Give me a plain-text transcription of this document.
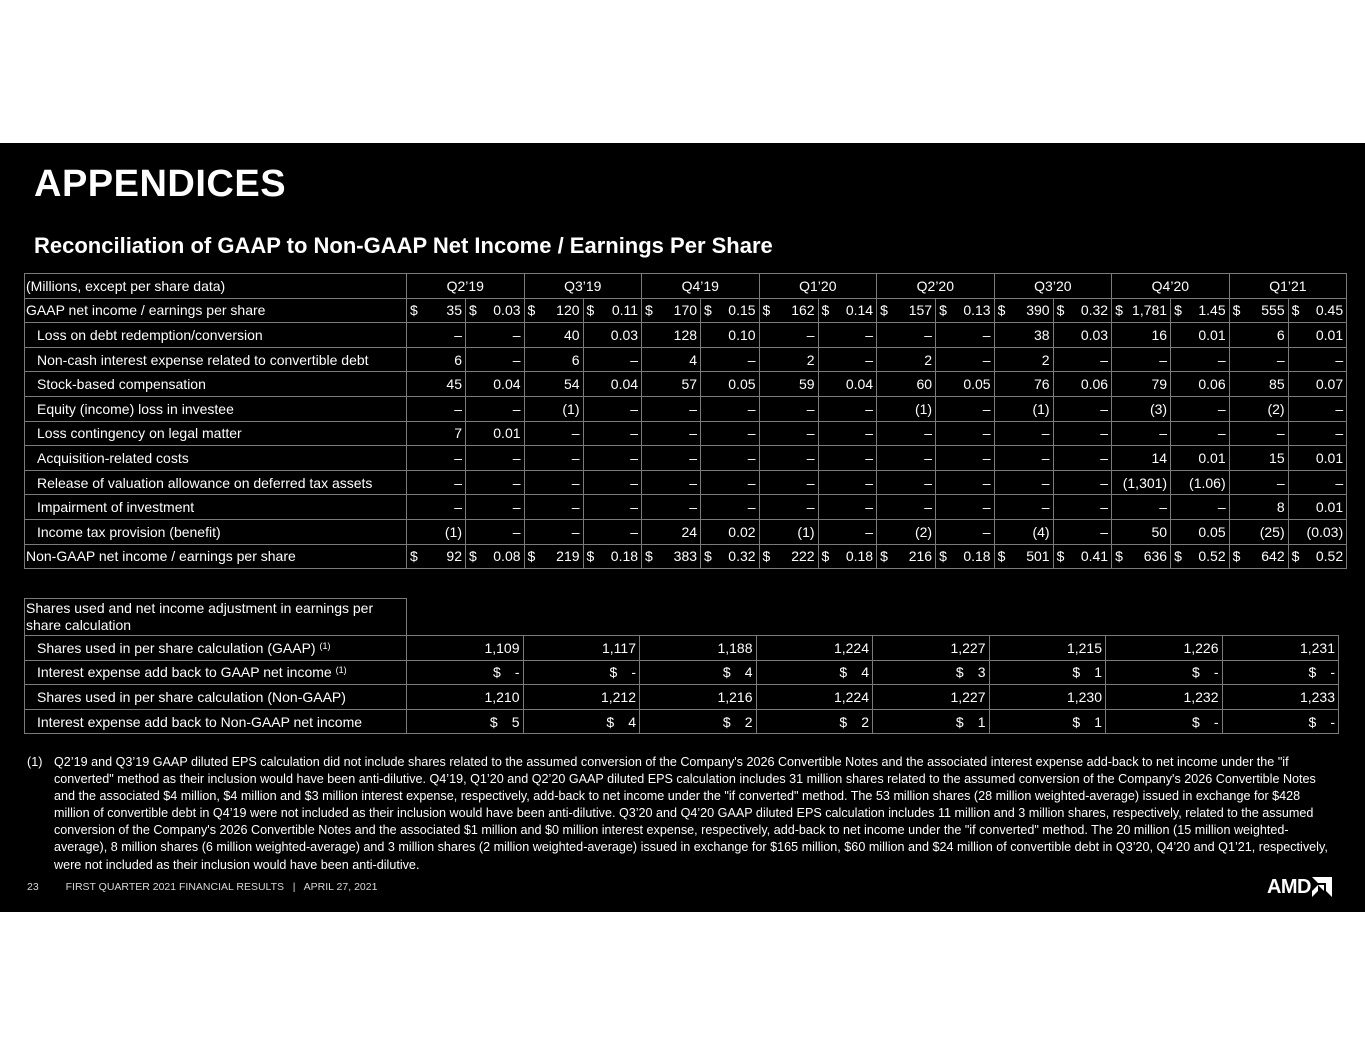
APPENDICES
Reconciliation of GAAP to Non-GAAP Net Income / Earnings Per Share
(Millions, except per share data)	Q2’19		Q3’19		Q4’19		Q1’20		Q2’20		Q3’20		Q4’20		Q1’21	
GAAP net income / earnings per share	$ 35	$ 0.03	$ 120	$ 0.11	$ 170	$ 0.15	$ 162	$ 0.14	$ 157	$ 0.13	$ 390	$ 0.32	$ 1,781	$ 1.45	$ 555	$ 0.45

Loss on debt redemption/conversion	–	–	40	0.03	128	0.10	–	–	–	–	38	0.03	16	0.01	6	0.01
Non-cash interest expense related to convertible debt	6	–	6	–	4	–	2	–	2	–	2	–	–	–	–	–
Stock-based compensation	45	0.04	54	0.04	57	0.05	59	0.04	60	0.05	76	0.06	79	0.06	85	0.07
Equity (income) loss in investee	–	–	(1)	–	–	–	–	–	(1)	–	(1)	–	(3)	–	(2)	–
Loss contingency on legal matter	7	0.01	–	–	–	–	–	–	–	–	–	–	–	–	–	–
Acquisition-related costs	–	–	–	–	–	–	–	–	–	–	–	–	14	0.01	15	0.01
Release of valuation allowance on deferred tax assets	–	–	–	–	–	–	–	–	–	–	–	–	(1,301)	(1.06)	–	–
Impairment of investment	–	–	–	–	–	–	–	–	–	–	–	–	–	–	8	0.01
Income tax provision (benefit)	(1)	–	–	–	24	0.02	(1)	–	(2)	–	(4)	–	50	0.05	(25)	(0.03)
Non-GAAP net income / earnings per share	$ 92	$ 0.08	$ 219	$ 0.18	$ 383	$ 0.32	$ 222	$ 0.18	$ 216	$ 0.18	$ 501	$ 0.41	$ 636	$ 0.52	$ 642	$ 0.52
Shares used and net income adjustment in earnings per share calculation								
Shares used in per share calculation (GAAP) $^{(1)}$	1,109	1,117	1,188	1,224	1,227	1,215	1,226	1,231
Interest expense add back to GAAP net income $^{(1)}$	$ -	$ -	$ 4	$ 4	$ 3	$ 1	$ -	$ -

Shares used in per share calculation (Non-GAAP)	1,210	1,212	1,216	1,224	1,227	1,230	1,232	1,233
Interest expense add back to Non-GAAP net income	$ 5	$ 4	$ 2	$ 2	$ 1	$ 1	$ -	$ -
(1) Q2’19 and Q3’19 GAAP diluted EPS calculation did not include shares related to the assumed conversion of the Company's 2026 Convertible Notes and the associated interest expense add-back to net income under the "if converted" method as their inclusion would have been anti-dilutive. Q4’19, Q1’20 and Q2’20 GAAP diluted EPS calculation includes 31 million shares related to the assumed conversion of the Company's 2026 Convertible Notes and the associated $4 million, $4 million and $3 million interest expense, respectively, add-back to net income under the "if converted" method. The 53 million shares (28 million weighted-average) issued in exchange for $428 million of convertible debt in Q4’19 were not included as their inclusion would have been anti-dilutive. Q3’20 and Q4’20 GAAP diluted EPS calculation includes 11 million and 3 million shares, respectively, related to the assumed conversion of the Company's 2026 Convertible Notes and the associated $1 million and $0 million interest expense, respectively, add-back to net income under the "if converted" method. The 20 million (15 million weighted-average), 8 million shares (6 million weighted-average) and 3 million shares (2 million weighted-average) issued in exchange for $165 million, $60 million and $24 million of convertible debt in Q3’20, Q4’20 and Q1’21, respectively, were not included as their inclusion would have been anti-dilutive.
23	FIRST QUARTER 2021 FINANCIAL RESULTS   |   APRIL 27, 2021	AMD
